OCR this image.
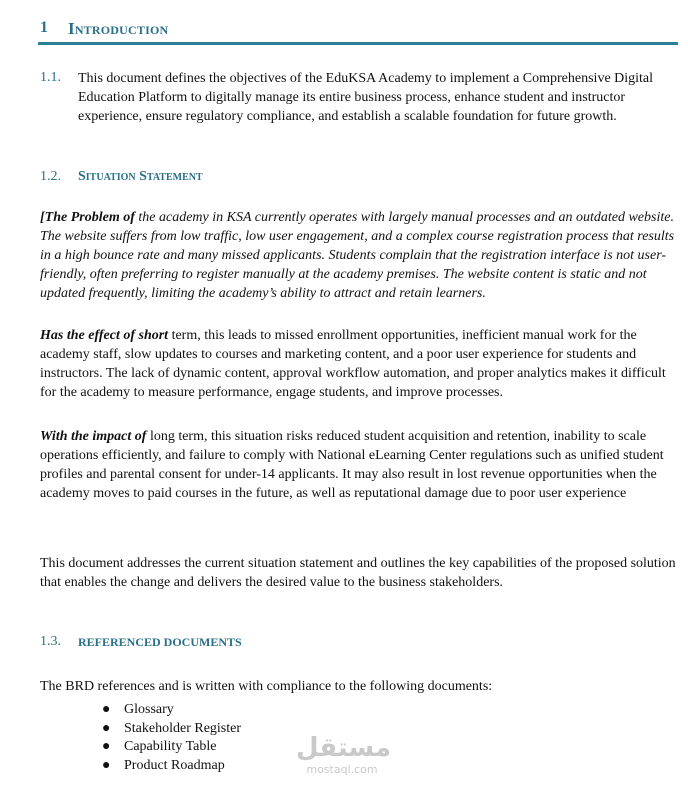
1 Introduction
1.1. This document defines the objectives of the EduKSA Academy to implement a Comprehensive Digital Education Platform to digitally manage its entire business process, enhance student and instructor experience, ensure regulatory compliance, and establish a scalable foundation for future growth.

1.2. Situation Statement

[The Problem of the academy in KSA currently operates with largely manual processes and an outdated website. The website suffers from low traffic, low user engagement, and a complex course registration process that results in a high bounce rate and many missed applicants. Students complain that the registration interface is not user-friendly, often preferring to register manually at the academy premises. The website content is static and not updated frequently, limiting the academy’s ability to attract and retain learners.

Has the effect of short term, this leads to missed enrollment opportunities, inefficient manual work for the academy staff, slow updates to courses and marketing content, and a poor user experience for students and instructors. The lack of dynamic content, approval workflow automation, and proper analytics makes it difficult for the academy to measure performance, engage students, and improve processes.

With the impact of long term, this situation risks reduced student acquisition and retention, inability to scale operations efficiently, and failure to comply with National eLearning Center regulations such as unified student profiles and parental consent for under-14 applicants. It may also result in lost revenue opportunities when the academy moves to paid courses in the future, as well as reputational damage due to poor user experience

This document addresses the current situation statement and outlines the key capabilities of the proposed solution that enables the change and delivers the desired value to the business stakeholders.

1.3. REFERENCED DOCUMENTS

The BRD references and is written with compliance to the following documents:

● Glossary
● Stakeholder Register
● Capability Table
● Product Roadmap
مستقل
mostaql.com
